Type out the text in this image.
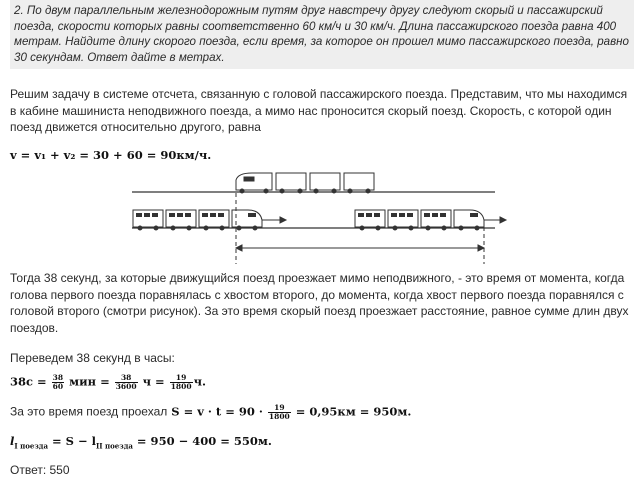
2. По двум параллельным железнодорожным путям друг навстречу другу следуют скорый и пассажирский поезда, скорости которых равны соответственно 60 км/ч и 30 км/ч. Длина пассажирского поезда равна 400 метрам. Найдите длину скорого поезда, если время, за которое он прошел мимо пассажирского поезда, равно 30 секундам. Ответ дайте в метрах.
Решим задачу в системе отсчета, связанную с головой пассажирского поезда. Представим, что мы находимся в кабине машиниста неподвижного поезда, а мимо нас проносится скорый поезд. Скорость, с которой один поезд движется относительно другого, равна
v = v₁ + v₂ = 30 + 60 = 90км/ч.
Тогда 38 секунд, за которые движущийся поезд проезжает мимо неподвижного, - это время от момента, когда голова первого поезда поравнялась с хвостом второго, до момента, когда хвост первого поезда поравнялся с головой второго (смотри рисунок). За это время скорый поезд проезжает расстояние, равное сумме длин двух поездов.
Переведем 38 секунд в часы:
$38с = \frac{38}{60}$ мин = $\frac{38}{3600}$ $ч = \frac{19}{1800} ч$.
За это время поезд проехал $S = v \cdot t = 90 \cdot \frac{19}{1800} = 0,95км = 950м$.
$l_{I поезда} = S - l_{II поезда} = 950 - 400 = 550м$.
Ответ: 550
